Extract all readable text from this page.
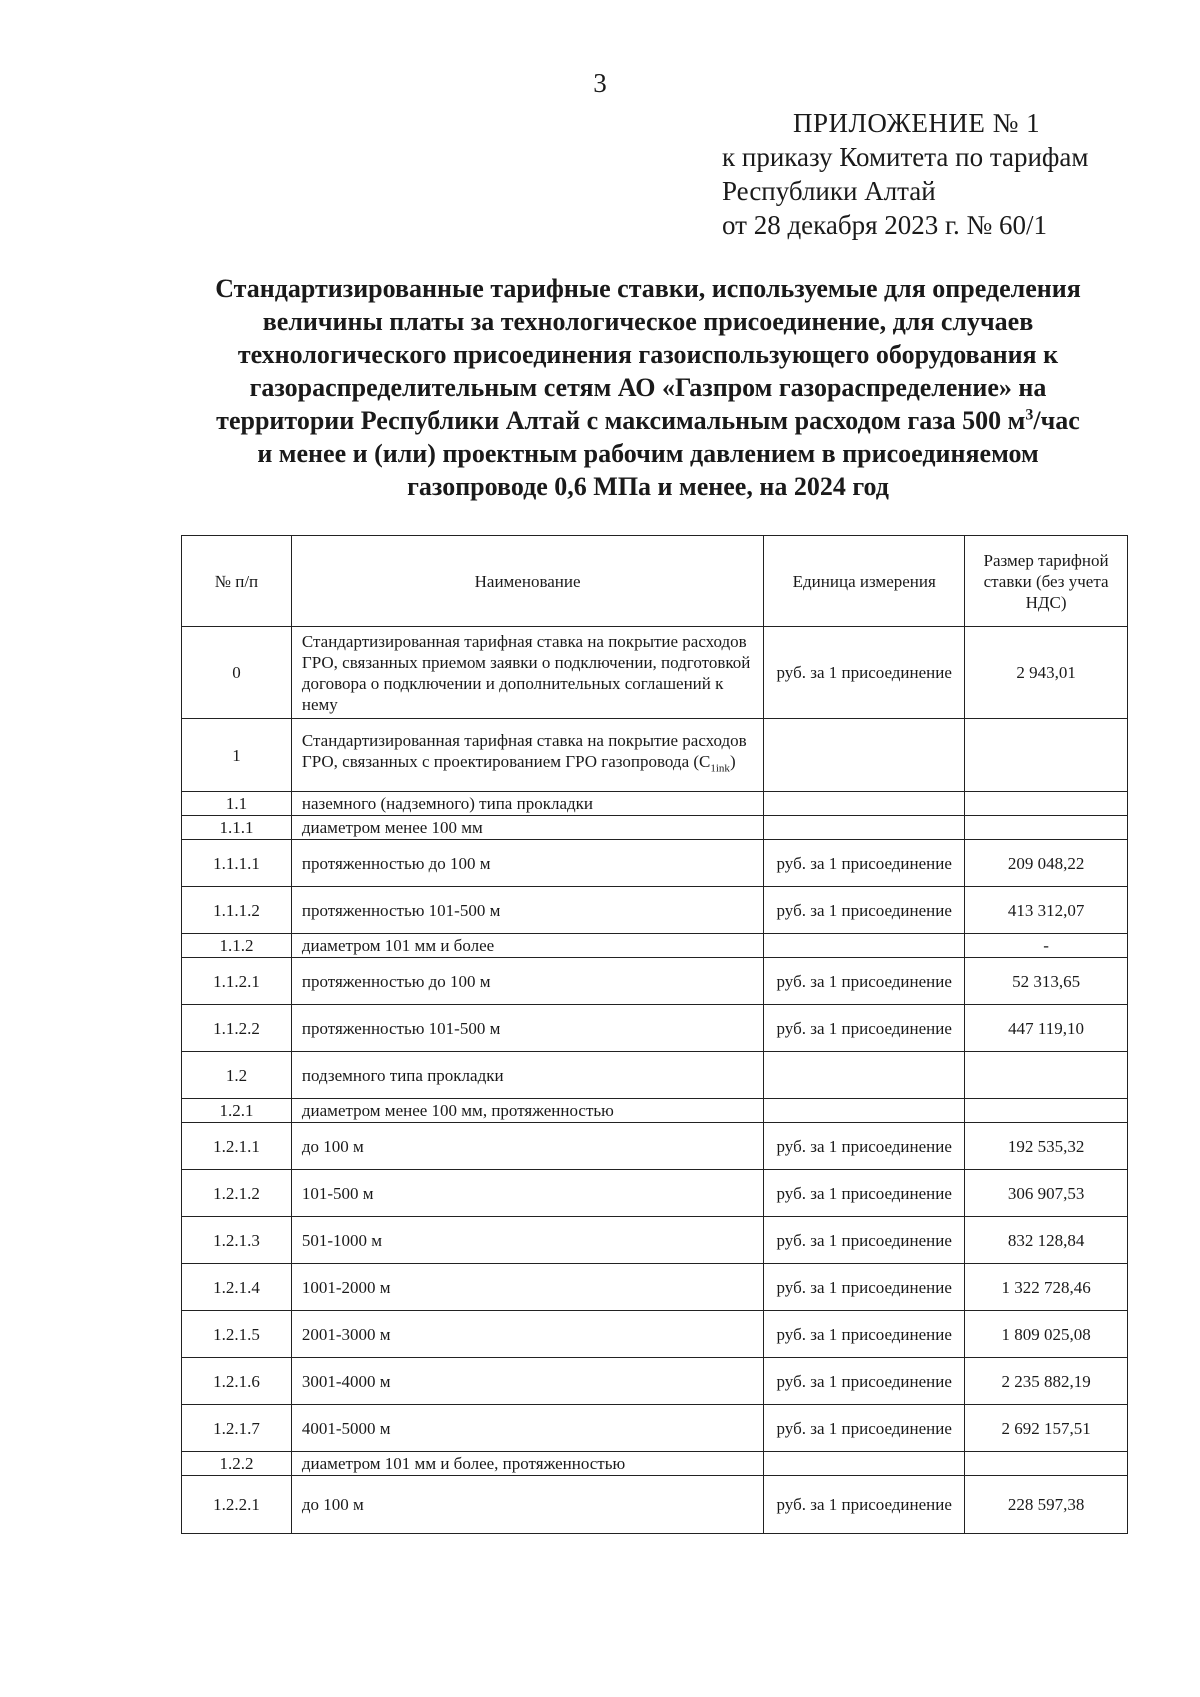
3
ПРИЛОЖЕНИЕ № 1
к приказу Комитета по тарифам
Республики Алтай
от 28 декабря 2023 г. № 60/1
Стандартизированные тарифные ставки, используемые для определения
величины платы за технологическое присоединение, для случаев
технологического присоединения газоиспользующего оборудования к
газораспределительным сетям АО «Газпром газораспределение» на
территории Республики Алтай с максимальным расходом газа 500 $м^3$/час
и менее и (или) проектным рабочим давлением в присоединяемом
газопроводе 0,6 МПа и менее, на 2024 год
№ п/п	Наименование	Единица измерения	Размер тарифной ставки (без учета НДС)
0	Стандартизированная тарифная ставка на покрытие расходов ГРО, связанных приемом заявки о подключении, подготовкой договора о подключении и дополнительных соглашений к нему	руб. за 1 присоединение	2 943,01
1	Стандартизированная тарифная ставка на покрытие расходов ГРО, связанных с проектированием ГРО газопровода $(C_{1ink})$		
1.1	наземного (надземного) типа прокладки		
1.1.1	диаметром менее 100 мм		
1.1.1.1	протяженностью до 100 м	руб. за 1 присоединение	209 048,22
1.1.1.2	протяженностью 101-500 м	руб. за 1 присоединение	413 312,07
1.1.2	диаметром 101 мм и более		-
1.1.2.1	протяженностью до 100 м	руб. за 1 присоединение	52 313,65
1.1.2.2	протяженностью 101-500 м	руб. за 1 присоединение	447 119,10
1.2	подземного типа прокладки		
1.2.1	диаметром менее 100 мм, протяженностью		
1.2.1.1	до 100 м	руб. за 1 присоединение	192 535,32
1.2.1.2	101-500 м	руб. за 1 присоединение	306 907,53
1.2.1.3	501-1000 м	руб. за 1 присоединение	832 128,84
1.2.1.4	1001-2000 м	руб. за 1 присоединение	1 322 728,46
1.2.1.5	2001-3000 м	руб. за 1 присоединение	1 809 025,08
1.2.1.6	3001-4000 м	руб. за 1 присоединение	2 235 882,19
1.2.1.7	4001-5000 м	руб. за 1 присоединение	2 692 157,51
1.2.2	диаметром 101 мм и более, протяженностью		
1.2.2.1	до 100 м	руб. за 1 присоединение	228 597,38
